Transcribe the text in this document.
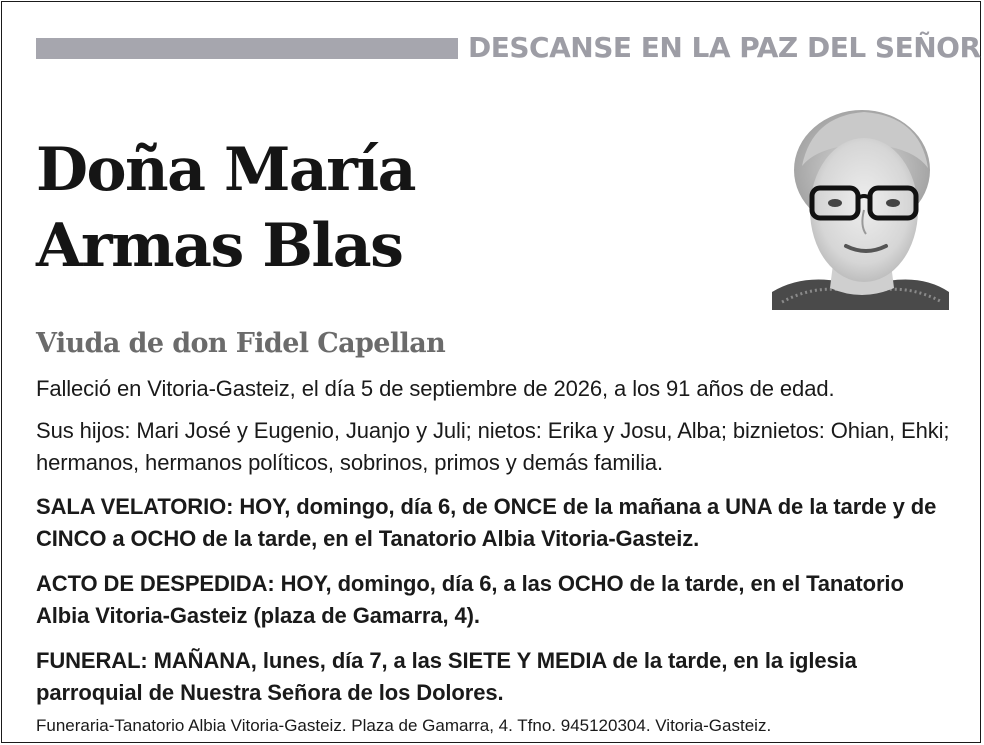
DESCANSE EN LA PAZ DEL SEÑOR
Doña María
Armas Blas
Viuda de don Fidel Capellan
Falleció en Vitoria-Gasteiz, el día 5 de septiembre de 2026, a los 91 años de edad.
Sus hijos: Mari José y Eugenio, Juanjo y Juli; nietos: Erika y Josu, Alba; biznietos: Ohian, Ehki; hermanos, hermanos políticos, sobrinos, primos y demás familia.
SALA VELATORIO: HOY, domingo, día 6, de ONCE de la mañana a UNA de la tarde y de CINCO a OCHO de la tarde, en el Tanatorio Albia Vitoria-Gasteiz.
ACTO DE DESPEDIDA: HOY, domingo, día 6, a las OCHO de la tarde, en el Tanatorio Albia Vitoria-Gasteiz (plaza de Gamarra, 4).
FUNERAL: MAÑANA, lunes, día 7, a las SIETE Y MEDIA de la tarde, en la iglesia parroquial de Nuestra Señora de los Dolores.
Funeraria-Tanatorio Albia Vitoria-Gasteiz. Plaza de Gamarra, 4. Tfno. 945120304. Vitoria-Gasteiz.
